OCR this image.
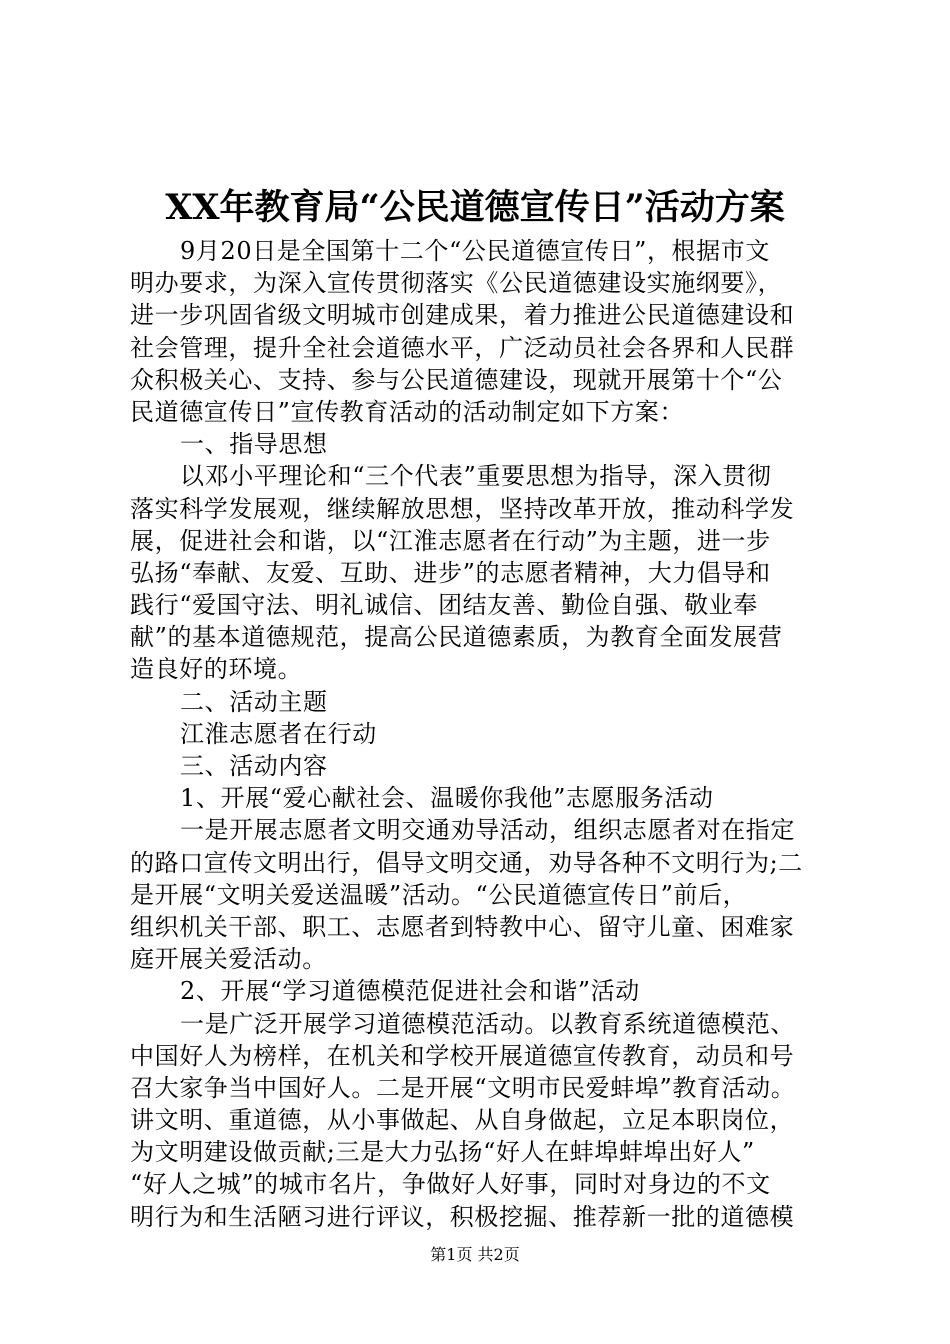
XX年教育局“公民道德宣传日”活动方案
9月20日是全国第十二个“公民道德宣传日”，根据市文
明办要求，为深入宣传贯彻落实《公民道德建设实施纲要》，
进一步巩固省级文明城市创建成果，着力推进公民道德建设和
社会管理，提升全社会道德水平，广泛动员社会各界和人民群
众积极关心、支持、参与公民道德建设，现就开展第十个“公
民道德宣传日”宣传教育活动的活动制定如下方案：
一、指导思想
以邓小平理论和“三个代表”重要思想为指导，深入贯彻
落实科学发展观，继续解放思想，坚持改革开放，推动科学发
展，促进社会和谐，以“江淮志愿者在行动”为主题，进一步
弘扬“奉献、友爱、互助、进步”的志愿者精神，大力倡导和
践行“爱国守法、明礼诚信、团结友善、勤俭自强、敬业奉
献”的基本道德规范，提高公民道德素质，为教育全面发展营
造良好的环境。
二、活动主题
江淮志愿者在行动
三、活动内容
1、开展“爱心献社会、温暖你我他”志愿服务活动
一是开展志愿者文明交通劝导活动，组织志愿者对在指定
的路口宣传文明出行，倡导文明交通，劝导各种不文明行为;二
是开展“文明关爱送温暖”活动。“公民道德宣传日”前后，
组织机关干部、职工、志愿者到特教中心、留守儿童、困难家
庭开展关爱活动。
2、开展“学习道德模范促进社会和谐”活动
一是广泛开展学习道德模范活动。以教育系统道德模范、
中国好人为榜样，在机关和学校开展道德宣传教育，动员和号
召大家争当中国好人。二是开展“文明市民爱蚌埠”教育活动。
讲文明、重道德，从小事做起、从自身做起，立足本职岗位，
为文明建设做贡献;三是大力弘扬“好人在蚌埠蚌埠出好人”
“好人之城”的城市名片，争做好人好事，同时对身边的不文
明行为和生活陋习进行评议，积极挖掘、推荐新一批的道德模
第1页 共2页
